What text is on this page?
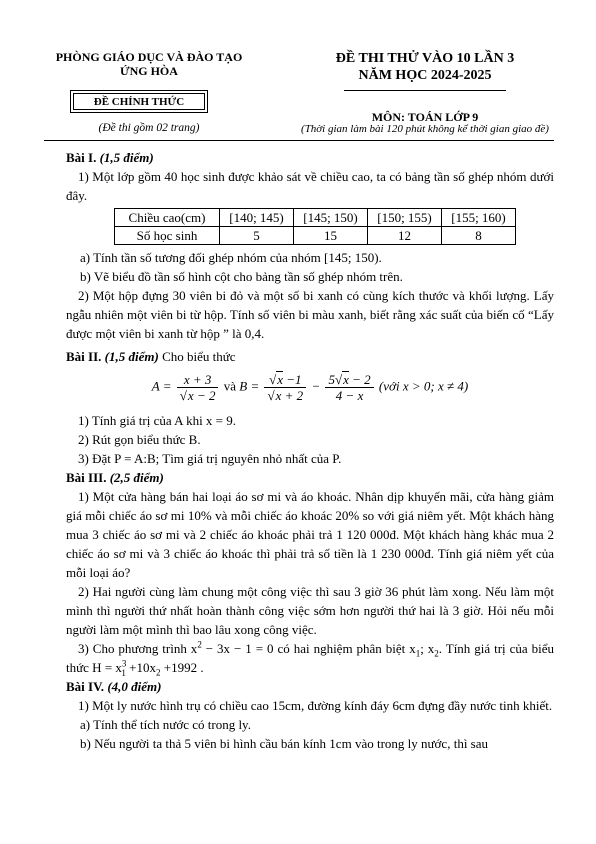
PHÒNG GIÁO DỤC VÀ ĐÀO TẠO
ỨNG HÒA
ĐỀ THI THỬ VÀO 10 LẦN 3
NĂM HỌC 2024-2025
ĐỀ CHÍNH THỨC
(Đề thi gồm 02 trang)
MÔN: TOÁN LỚP 9
(Thời gian làm bài 120 phút không kể thời gian giao đề)

Bài I. (1,5 điểm)

1) Một lớp gồm 40 học sinh được khảo sát về chiều cao, ta có bảng tần số ghép nhóm dưới đây.

Chiều cao(cm)	[140; 145)	[145; 150)	[150; 155)	[155; 160)
Số học sinh	5	15	12	8

a) Tính tần số tương đối ghép nhóm của nhóm [145; 150).

b) Vẽ biểu đồ tần số hình cột cho bảng tần số ghép nhóm trên.

2) Một hộp đựng 30 viên bi đỏ và một số bi xanh có cùng kích thước và khối lượng. Lấy ngẫu nhiên một viên bi từ hộp. Tính số viên bi màu xanh, biết rằng xác suất của biến cố “Lấy được một viên bi xanh từ hộp ” là 0,4.

Bài II. (1,5 điểm) Cho biểu thức

$A = \frac{x + 3}{√x - 2}$ và $B = \frac{√x -1}{√x + 2} - \frac{5√x - 2}{4 - x}$ (với x > 0; x ≠ 4)

1) Tính giá trị của A khi x = 9.

2) Rút gọn biểu thức B.

3) Đặt P = A:B; Tìm giá trị nguyên nhỏ nhất của P.

Bài III. (2,5 điểm)

1) Một cửa hàng bán hai loại áo sơ mi và áo khoác. Nhân dịp khuyến mãi, cửa hàng giảm giá mỗi chiếc áo sơ mi 10% và mỗi chiếc áo khoác 20% so với giá niêm yết. Một khách hàng mua 3 chiếc áo sơ mi và 2 chiếc áo khoác phải trả 1 120 000đ. Một khách hàng khác mua 2 chiếc áo sơ mi và 3 chiếc áo khoác thì phải trả số tiền là 1 230 000đ. Tính giá niêm yết của mỗi loại áo?

2) Hai người cùng làm chung một công việc thì sau 3 giờ 36 phút làm xong. Nếu làm một mình thì người thứ nhất hoàn thành công việc sớm hơn người thứ hai là 3 giờ. Hỏi nếu mỗi người làm một mình thì bao lâu xong công việc.

3) Cho phương trình $x^2 - 3x - 1 = 0$ có hai nghiệm phân biệt $x_1$; $x_2$. Tính giá trị của biểu thức $H = x^3_1 +10x_2 +1992$ .

Bài IV. (4,0 điểm)

1) Một ly nước hình trụ có chiều cao 15cm, đường kính đáy 6cm đựng đầy nước tinh khiết.

a) Tính thể tích nước có trong ly.

b) Nếu người ta thả 5 viên bi hình cầu bán kính 1cm vào trong ly nước, thì sau
